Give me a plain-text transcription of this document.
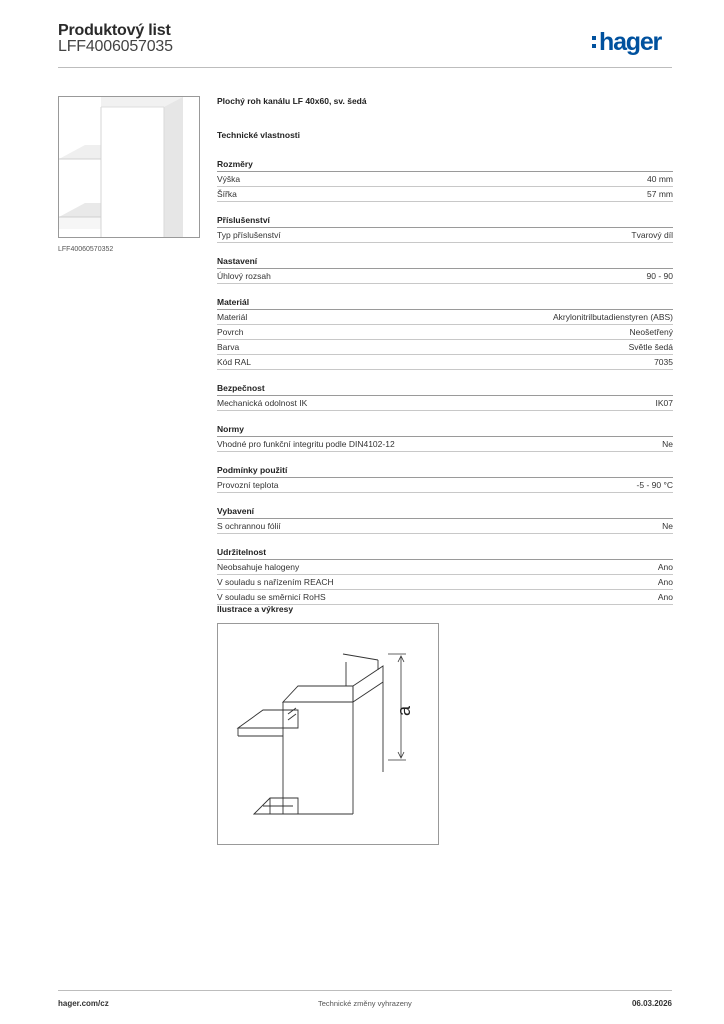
Produktový list
LFF4006057035	hager
LFF40060570352
Plochý roh kanálu LF 40x60, sv. šedá
Technické vlastnosti
Rozměry
Výška	40 mm
Šířka	57 mm
Příslušenství
Typ příslušenství	Tvarový díl
Nastavení
Úhlový rozsah	90 - 90
Materiál
Materiál	Akrylonitrilbutadienstyren (ABS)
Povrch	Neošetřený
Barva	Světle šedá
Kód RAL	7035
Bezpečnost
Mechanická odolnost IK	IK07
Normy
Vhodné pro funkční integritu podle DIN4102-12	Ne
Podmínky použití
Provozní teplota	-5 - 90 °C
Vybavení
S ochrannou fólií	Ne
Udržitelnost
Neobsahuje halogeny	Ano
V souladu s nařízením REACH	Ano
V souladu se směrnicí RoHS	Ano
Ilustrace a výkresy
a
hager.com/cz	Technické změny vyhrazeny	06.03.2026
